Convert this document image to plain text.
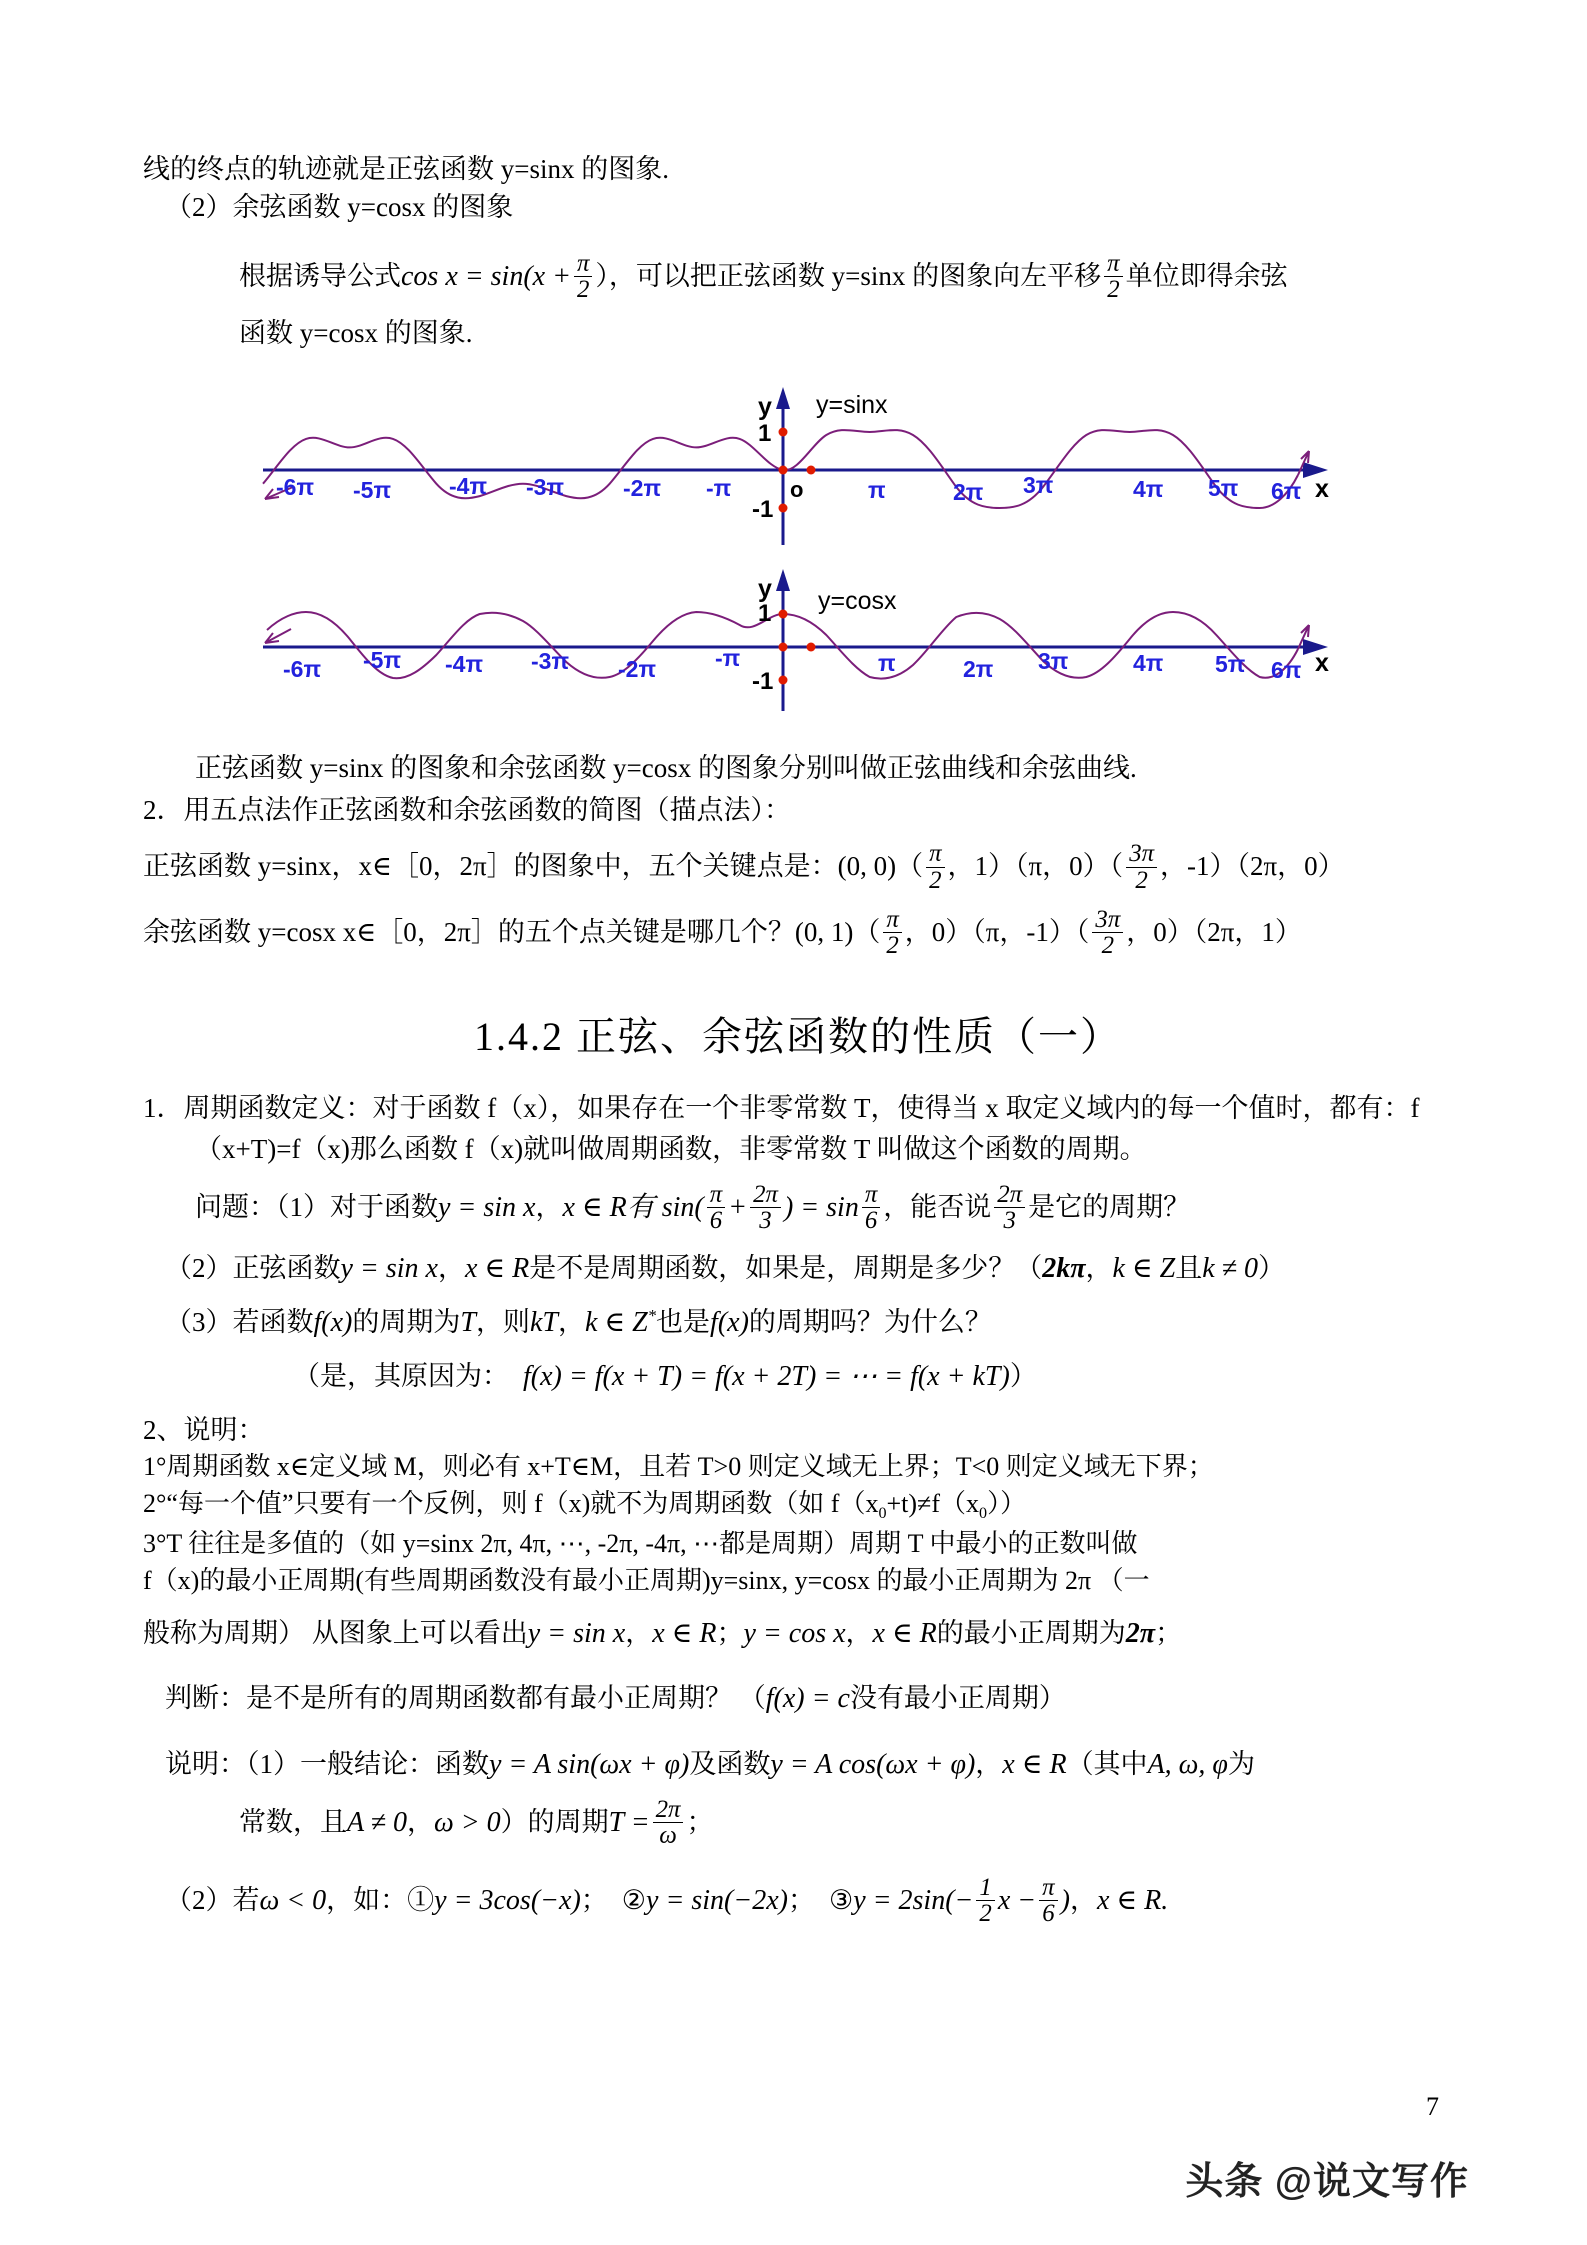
线的终点的轨迹就是正弦函数 y=sinx 的图象.
（2）余弦函数 y=cosx 的图象
根据诱导公式$\cos x = \sin(x + \frac{\pi}{2}$ ），可以把正弦函数 y=sinx 的图象向左平移 $\frac{\pi}{2}$ 单位即得余弦
函数 y=cosx 的图象.
y y=sinx
x
1
-1
o
-6π -5π	-4π -3π	-2π -π	π	2π 3π	4π 5π 6π
y y=cosx
x
1
-1
-6π -5π -4π -3π -2π	-π	π	2π 3π	4π 5π 6π
正弦函数 y=sinx 的图象和余弦函数 y=cosx 的图象分别叫做正弦曲线和余弦曲线.
2．用五点法作正弦函数和余弦函数的简图（描点法）：
正弦函数 y=sinx，x∈［0，2π］的图象中，五个关键点是：(0, $0)( \frac{\pi}{2}$ ，1）（π，$0)( \frac{3\pi}{2}$ ，-1）（2π，0）
余弦函数 y=cosx x∈［0，2π］的五个点关键是哪几个？(0, $1)( \frac{\pi}{2}$ ，0）（π，$-1)( \frac{3\pi}{2}$ ，0）（2π，1）
1.4.2 正弦、余弦函数的性质（一）
1．周期函数定义：对于函数 f（x），如果存在一个非零常数 T，使得当 x 取定义域内的每一个值时，都有：f（x+T)=f（x)那么函数 f（x)就叫做周期函数，非零常数 T 叫做这个函数的周期。
问题：（1）对于函数y = sin x，x ∈ R有 $\sin( \frac{\pi}{6} + \frac{2\pi}{3}$ ) = $\sin \frac{\pi}{6}$ ，能否说 $\frac{2\pi}{3}$ 是它的周期？
（2）正弦函数y = sin x，x ∈ R是不是周期函数，如果是，周期是多少？（2kπ，k ∈ Z且k ≠ 0）
（3）若函数f(x)的周期为T，则kT，k ∈ Z*也是f(x)的周期吗？为什么？
（是，其原因为： f(x) = f(x + T) = f(x + 2T) = ⋯ = f(x + kT)）
2、说明：
1°周期函数 x∈定义域 M，则必有 x+T∈M，且若 T>0 则定义域无上界；T<0 则定义域无下界；
2°“每一个值”只要有一个反例，则 f（x)就不为周期函数（如 $f(x_0+t)\ne f(x_0)$）
3°T 往往是多值的（如 y=sinx 2π, 4π, ⋯, -2π, -4π, ⋯都是周期）周期 T 中最小的正数叫做
f（x)的最小正周期(有些周期函数没有最小正周期)y=sinx, y=cosx 的最小正周期为 2π （一
般称为周期） 从图象上可以看出y = sin x，x ∈ R；y = cos x，x ∈ R的最小正周期为2π；
判断：是不是所有的周期函数都有最小正周期？ （f(x) = c没有最小正周期）
说明：（1）一般结论：函数y = A sin(ωx + φ)及函数y = A cos(ωx + φ)，x ∈ R（其中A, ω, φ为
常数，且A ≠ 0，ω > 0）的周期$T = \frac{2\pi}{\omega}$ ；
（2）若ω < 0，如：①y = 3cos(−x)； ②y = sin(−2x)； ③y = $2\sin(- \frac{1}{2}$ $x - \frac{\pi}{6}$ )，x ∈ R.
7
头条 @说文写作
